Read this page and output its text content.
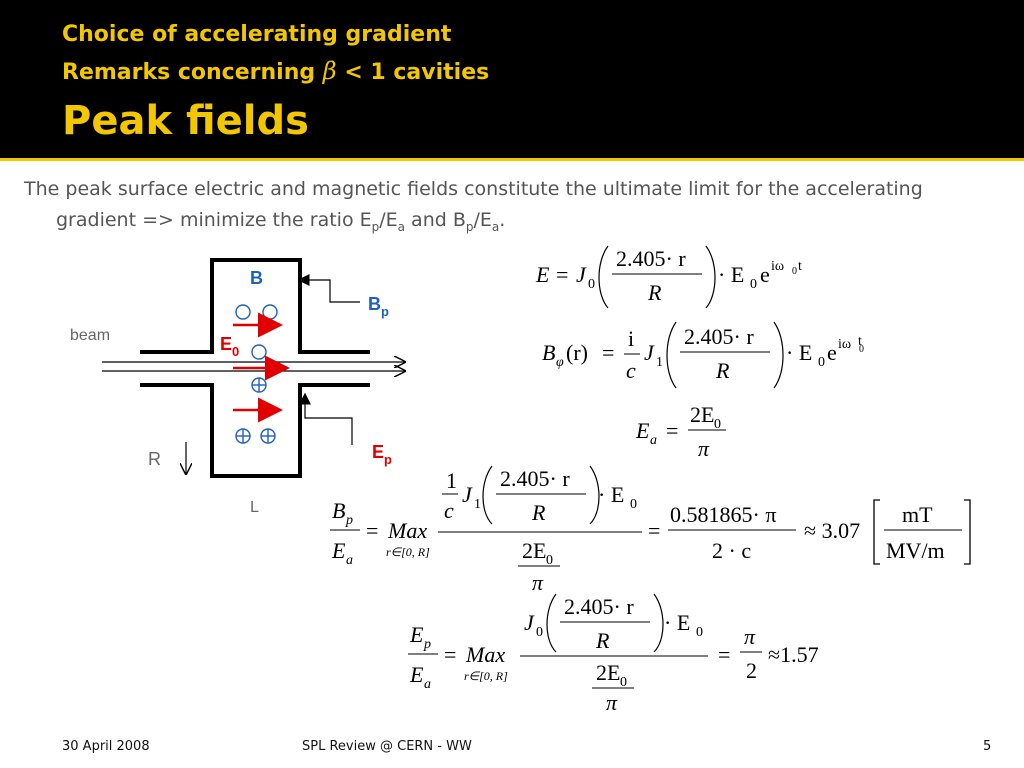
Choice of accelerating gradient
Remarks concerning β < 1 cavities
Peak fields
The peak surface electric and magnetic fields constitute the ultimate limit for the accelerating gradient => minimize the ratio $E_p/E_a$ and $B_p/E_a$.
B
$B_p$
beam	$E_0$
R	$E_p$
L
E = J 0
2.405· r
R
· E 0 e iω 0 t
B φ (r) =
i
c
J 1
2.405· r
R
· E 0 e iω 0
t
E a =
2E 0
π
B p
E a
= Max
r∈[0, R]
1
c
J 1
2.405· r
R
· E 0
2E 0
π
=
0.581865· π
2 · c
≈ 3.07
mT
MV/m
E p
E a
= Max
r∈[0, R]
J 0
2.405· r
R
· E 0
2E 0
π
=
π
2
≈1.57
30 April 2008	SPL Review @ CERN - WW	5
